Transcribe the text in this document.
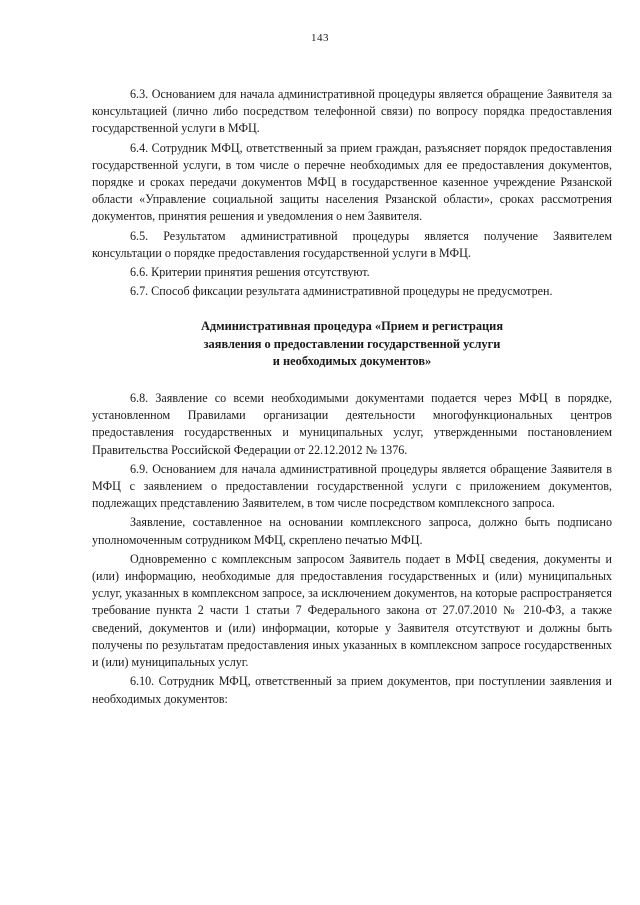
143

6.3. Основанием для начала административной процедуры является обращение Заявителя за консультацией (лично либо посредством телефонной связи) по вопросу порядка предоставления государственной услуги в МФЦ.

6.4. Сотрудник МФЦ, ответственный за прием граждан, разъясняет порядок предоставления государственной услуги, в том числе о перечне необходимых для ее предоставления документов, порядке и сроках передачи документов МФЦ в государственное казенное учреждение Рязанской области «Управление социальной защиты населения Рязанской области», сроках рассмотрения документов, принятия решения и уведомления о нем Заявителя.

6.5. Результатом административной процедуры является получение Заявителем консультации о порядке предоставления государственной услуги в МФЦ.

6.6. Критерии принятия решения отсутствуют.

6.7. Способ фиксации результата административной процедуры не предусмотрен.

Административная процедура «Прием и регистрация
заявления о предоставлении государственной услуги
и необходимых документов»

6.8. Заявление со всеми необходимыми документами подается через МФЦ в порядке, установленном Правилами организации деятельности многофункциональных центров предоставления государственных и муниципальных услуг, утвержденными постановлением Правительства Российской Федерации от 22.12.2012 № 1376.

6.9. Основанием для начала административной процедуры является обращение Заявителя в МФЦ с заявлением о предоставлении государственной услуги с приложением документов, подлежащих представлению Заявителем, в том числе посредством комплексного запроса.

Заявление, составленное на основании комплексного запроса, должно быть подписано уполномоченным сотрудником МФЦ, скреплено печатью МФЦ.

Одновременно с комплексным запросом Заявитель подает в МФЦ сведения, документы и (или) информацию, необходимые для предоставления государственных и (или) муниципальных услуг, указанных в комплексном запросе, за исключением документов, на которые распространяется требование пункта 2 части 1 статьи 7 Федерального закона от 27.07.2010 № 210-ФЗ, а также сведений, документов и (или) информации, которые у Заявителя отсутствуют и должны быть получены по результатам предоставления иных указанных в комплексном запросе государственных и (или) муниципальных услуг.

6.10. Сотрудник МФЦ, ответственный за прием документов, при поступлении заявления и необходимых документов:
